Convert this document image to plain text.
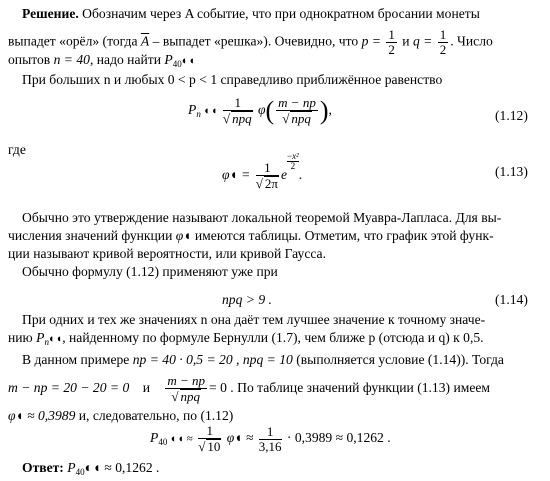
Решение. Обозначим через A событие, что при однократном бросании монеты
выпадет «орёл» (тогда $\overline{A}$ – выпадет «решка»). Очевидно, что $p = \frac{1}{2}$ и $q = \frac{1}{2}$ . Число
опытов n = 40, надо найти $P_{40}◐◖$
При больших n и любых 0 < p < 1 справедливо приближённое равенство
$P_n$ ◐◖ $\frac{1}{\text{√ npq}} \varphi( \frac{m - np}{\text{√ npq}}$ ),	(1.12)
где
φ◖ = $\frac{1}{√ 2\pi}$ e
$\frac{\text{−x²}}{2}$
.	(1.13)
Обычно это утверждение называют локальной теоремой Муавра-Лапласа. Для вы-
числения значений функции φ◖ имеются таблицы. Отметим, что график этой функ-
ции называют кривой вероятности, или кривой Гаусса.
Обычно формулу (1.12) применяют уже при
npq > 9 .	(1.14)
При одних и тех же значениях n она даёт тем лучшее значение к точному значе-
нию $P_n◐◖$, найденному по формуле Бернулли (1.7), чем ближе p (отсюда и q) к 0,5.
В данном примере np = 40 · 0,5 = 20 , npq = 10 (выполняется условие (1.14)). Тогда
m − np = 20 − 20 = 0 и $\frac{m - np}{\text{√ npq}} = 0$ . По таблице значений функции (1.13) имеем
φ◖ ≈ 0,3989 и, следовательно, по (1.12)
$P_{40}$ ◐◖ ≈ $\frac{1}{√ 10}$ φ◖ ≈ $\frac{1}{3,16} \cdot 0,3989 \approx 0,1262$ .
Ответ: $P_{40}◐◖ \approx 0,1262$ .
